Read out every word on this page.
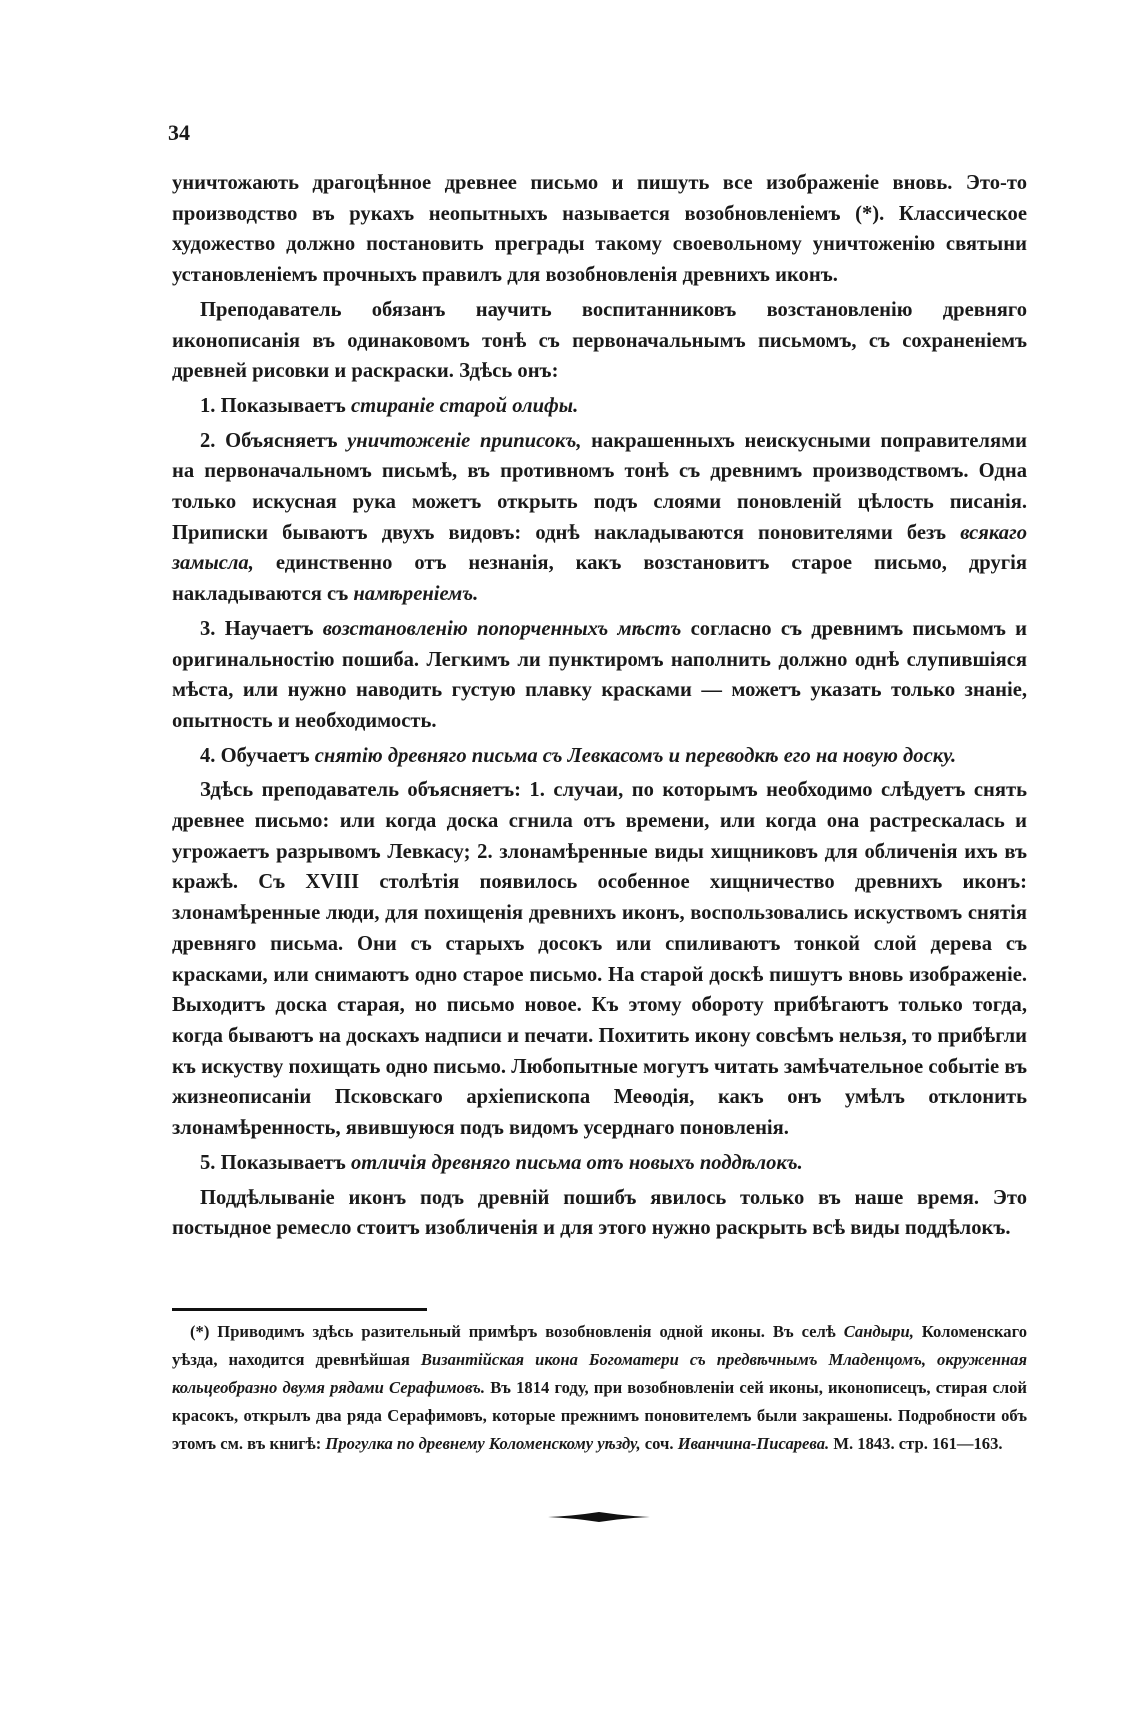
34

уничтожають драгоцѣнное древнее письмо и пишуть все изображеніе вновь. Это-то производство въ рукахъ неопытныхъ называется возобновленіемъ (*). Классическое художество должно постановить преграды такому своевольному уничтоженію святыни установленіемъ прочныхъ правилъ для возобновленія древнихъ иконъ.

Преподаватель обязанъ научить воспитанниковъ возстановленію древняго иконописанія въ одинаковомъ тонѣ съ первоначальнымъ письмомъ, съ сохраненіемъ древней рисовки и раскраски. Здѣсь онъ:

1. Показываетъ стираніе старой олифы.

2. Объясняетъ уничтоженіе приписокъ, накрашенныхъ неискусными поправителями на первоначальномъ письмѣ, въ противномъ тонѣ съ древнимъ производствомъ. Одна только искусная рука можетъ открыть подъ слоями поновленій цѣлость писанія. Приписки бываютъ двухъ видовъ: однѣ накладываются поновителями безъ всякаго замысла, единственно отъ незнанія, какъ возстановитъ старое письмо, другія накладываются съ намѣреніемъ.

3. Научаетъ возстановленію попорченныхъ мѣстъ согласно съ древнимъ письмомъ и оригинальностію пошиба. Легкимъ ли пунктиромъ наполнить должно однѣ слупившіяся мѣста, или нужно наводить густую плавку красками — можетъ указать только знаніе, опытность и необходимость.

4. Обучаетъ снятію древняго письма съ Левкасомъ и переводкѣ его на новую доску.

Здѣсь преподаватель объясняетъ: 1. случаи, по которымъ необходимо слѣдуетъ снять древнее письмо: или когда доска сгнила отъ времени, или когда она растрескалась и угрожаетъ разрывомъ Левкасу; 2. злонамѣренные виды хищниковъ для обличенія ихъ въ кражѣ. Съ XVIII столѣтія появилось особенное хищничество древнихъ иконъ: злонамѣренные люди, для похищенія древнихъ иконъ, воспользовались искуствомъ снятія древняго письма. Они съ старыхъ досокъ или спиливаютъ тонкой слой дерева съ красками, или снимаютъ одно старое письмо. На старой доскѣ пишутъ вновь изображеніе. Выходитъ доска старая, но письмо новое. Къ этому обороту прибѣгаютъ только тогда, когда бываютъ на доскахъ надписи и печати. Похитить икону совсѣмъ нельзя, то прибѣгли къ искуству похищать одно письмо. Любопытные могутъ читать замѣчательное событіе въ жизнеописаніи Псковскаго архіепископа Меѳодія, какъ онъ умѣлъ отклонить злонамѣренность, явившуюся подъ видомъ усерднаго поновленія.

5. Показываетъ отличія древняго письма отъ новыхъ поддѣлокъ.

Поддѣлываніе иконъ подъ древній пошибъ явилось только въ наше время. Это постыдное ремесло стоитъ изобличенія и для этого нужно раскрыть всѣ виды поддѣлокъ.

(*) Приводимъ здѣсь разительный примѣръ возобновленія одной иконы. Въ селѣ Сандыри, Коломенскаго уѣзда, находится древнѣйшая Византійская икона Богоматери съ предвѣчнымъ Младенцомъ, окруженная кольцеобразно двумя рядами Серафимовъ. Въ 1814 году, при возобновленіи сей иконы, иконописецъ, стирая слой красокъ, открылъ два ряда Серафимовъ, которые прежнимъ поновителемъ были закрашены. Подробности объ этомъ см. въ книгѣ: Прогулка по древнему Коломенскому уѣзду, соч. Иванчина-Писарева. М. 1843. стр. 161—163.
